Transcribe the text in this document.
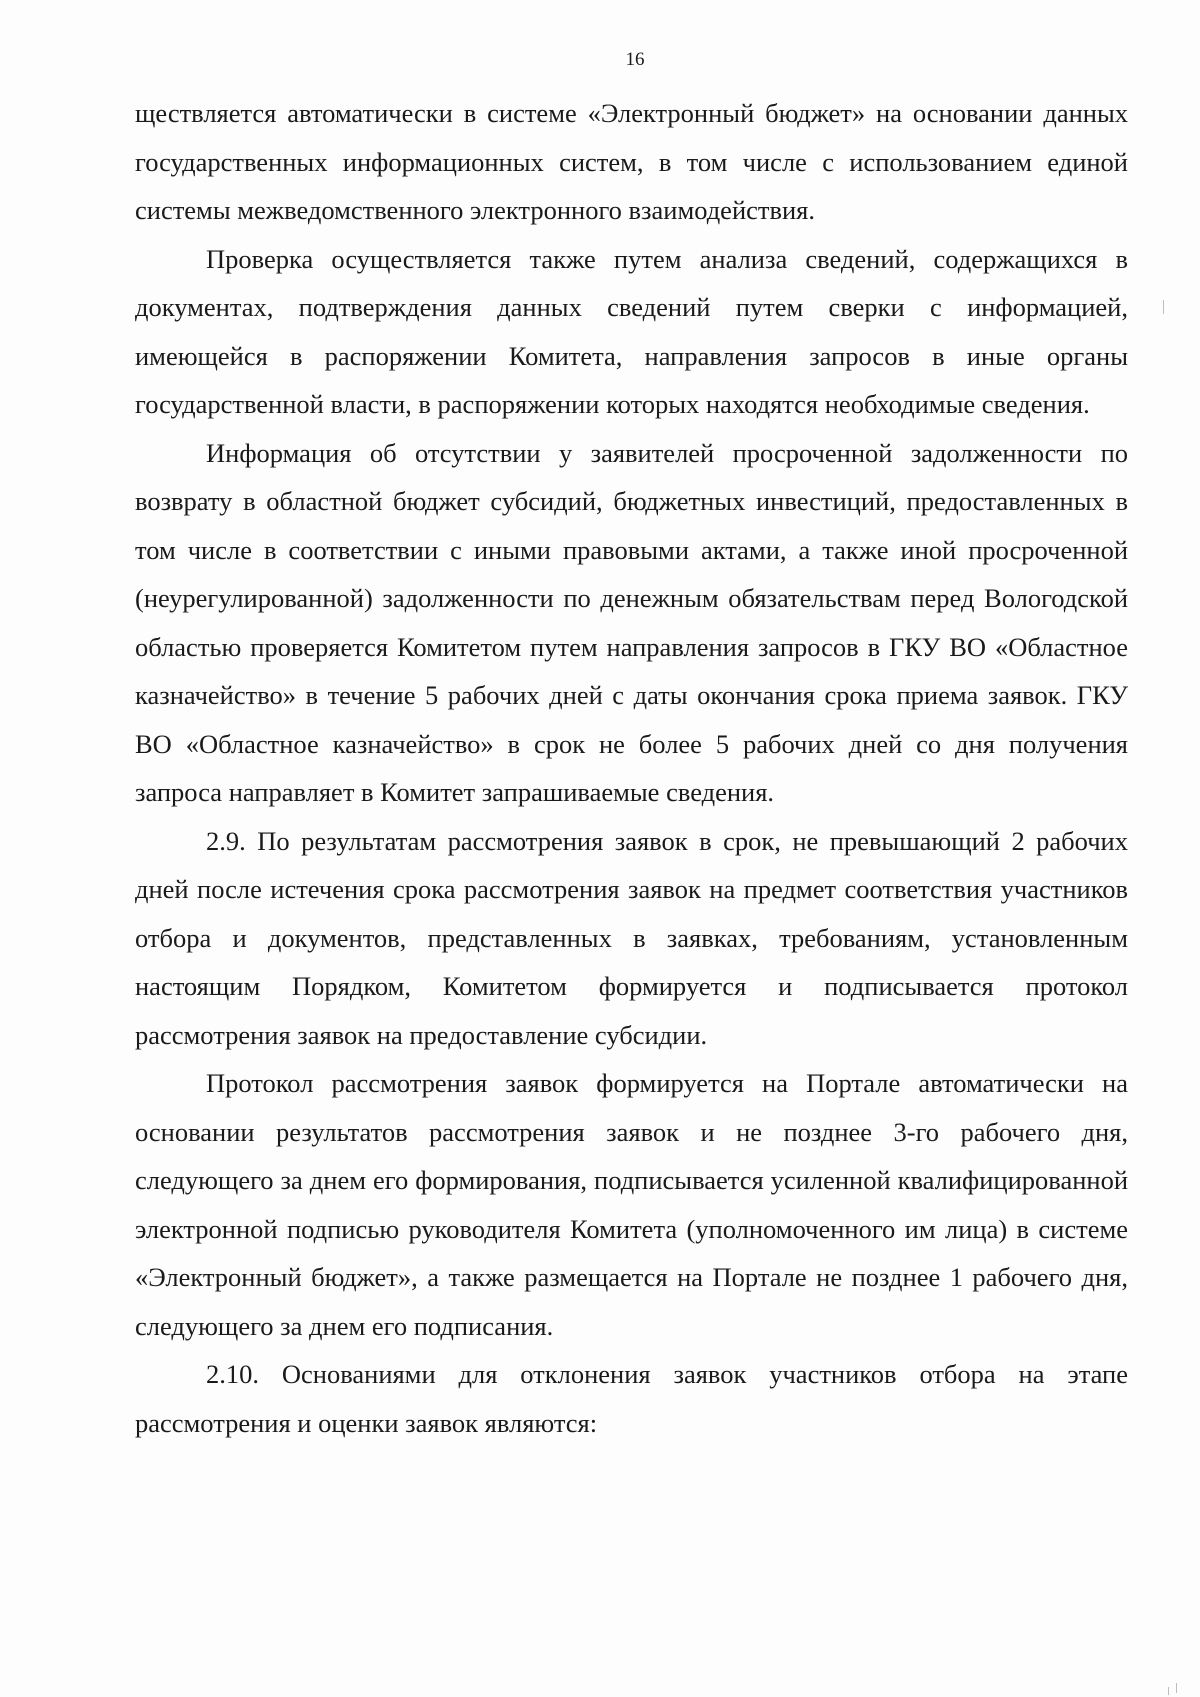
16

ществляется автоматически в системе «Электронный бюджет» на основании данных государственных информационных систем, в том числе с использованием единой системы межведомственного электронного взаимодействия.

Проверка осуществляется также путем анализа сведений, содержащихся в документах, подтверждения данных сведений путем сверки с информацией, имеющейся в распоряжении Комитета, направления запросов в иные органы государственной власти, в распоряжении которых находятся необходимые сведения.

Информация об отсутствии у заявителей просроченной задолженности по возврату в областной бюджет субсидий, бюджетных инвестиций, предоставленных в том числе в соответствии с иными правовыми актами, а также иной просроченной (неурегулированной) задолженности по денежным обязательствам перед Вологодской областью проверяется Комитетом путем направления запросов в ГКУ ВО «Областное казначейство» в течение 5 рабочих дней с даты окончания срока приема заявок. ГКУ ВО «Областное казначейство» в срок не более 5 рабочих дней со дня получения запроса направляет в Комитет запрашиваемые сведения.

2.9. По результатам рассмотрения заявок в срок, не превышающий 2 рабочих дней после истечения срока рассмотрения заявок на предмет соответствия участников отбора и документов, представленных в заявках, требованиям, установленным настоящим Порядком, Комитетом формируется и подписывается протокол рассмотрения заявок на предоставление субсидии.

Протокол рассмотрения заявок формируется на Портале автоматически на основании результатов рассмотрения заявок и не позднее 3-го рабочего дня, следующего за днем его формирования, подписывается усиленной квалифицированной электронной подписью руководителя Комитета (уполномоченного им лица) в системе «Электронный бюджет», а также размещается на Портале не позднее 1 рабочего дня, следующего за днем его подписания.

2.10. Основаниями для отклонения заявок участников отбора на этапе рассмотрения и оценки заявок являются:
